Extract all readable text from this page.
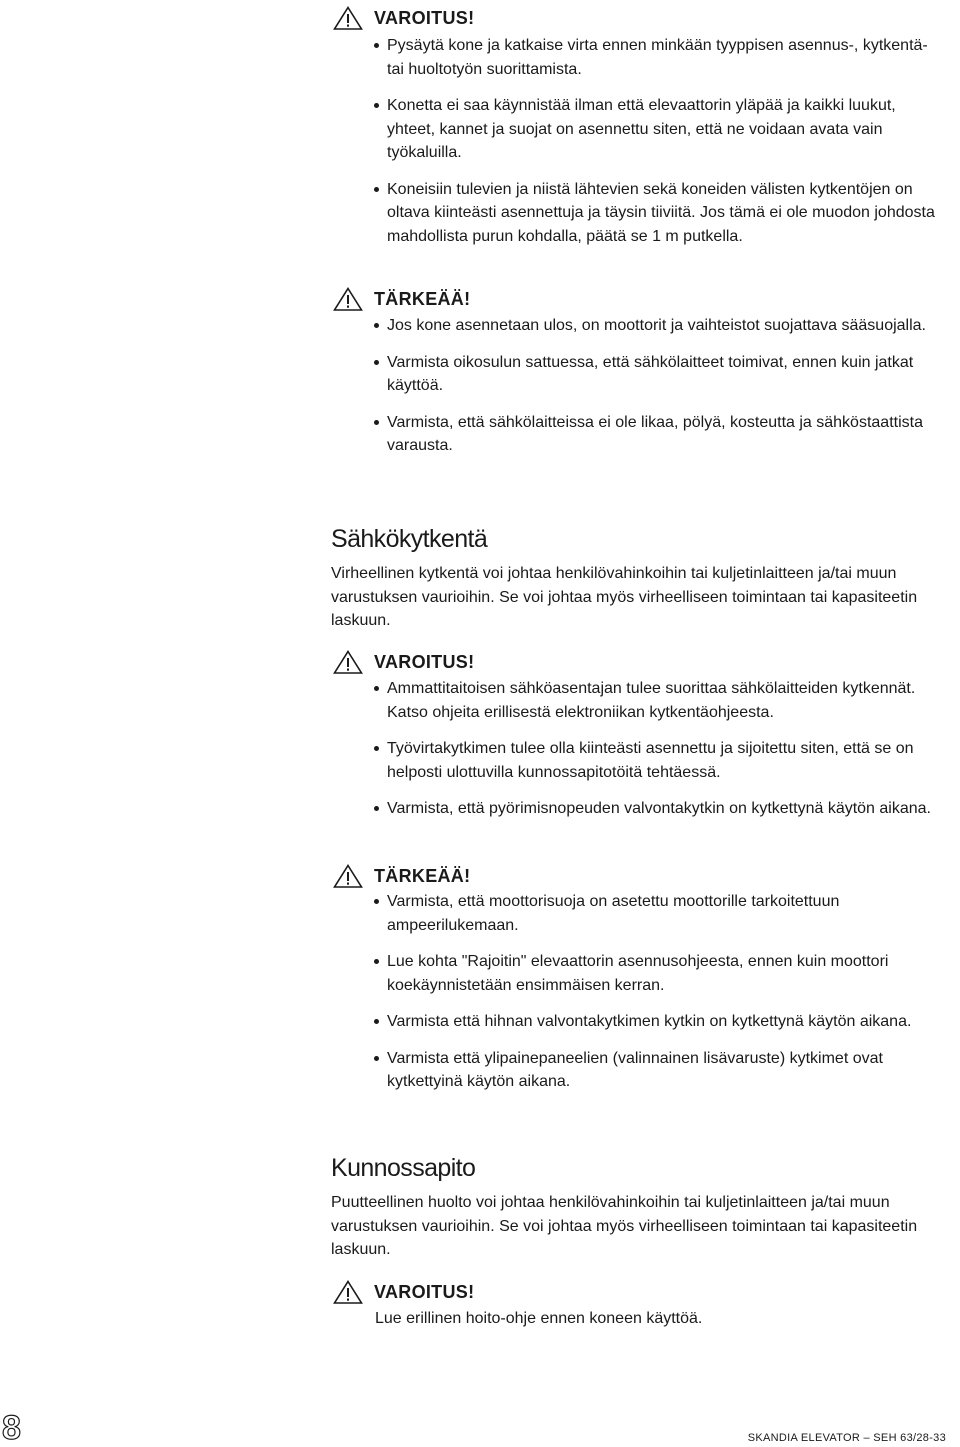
VAROITUS!
Pysäytä kone ja katkaise virta ennen minkään tyyppisen asennus-, kytkentä- tai huoltotyön suorittamista.
Konetta ei saa käynnistää ilman että elevaattorin yläpää ja kaikki luukut, yhteet, kannet ja suojat on asennettu siten, että ne voidaan avata vain työkaluilla.
Koneisiin tulevien ja niistä lähtevien sekä koneiden välisten kytkentöjen on oltava kiinteästi asennettuja ja täysin tiiviitä. Jos tämä ei ole muodon johdosta mahdollista purun kohdalla, päätä se 1 m putkella.
TÄRKEÄÄ!
Jos kone asennetaan ulos, on moottorit ja vaihteistot suojattava sääsuojalla.
Varmista oikosulun sattuessa, että sähkölaitteet toimivat, ennen kuin jatkat käyttöä.
Varmista, että sähkölaitteissa ei ole likaa, pölyä, kosteutta ja sähköstaattista varausta.
Sähkökytkentä

Virheellinen kytkentä voi johtaa henkilövahinkoihin tai kuljetinlaitteen ja/tai muun varustuksen vaurioihin. Se voi johtaa myös virheelliseen toimintaan tai kapasiteetin laskuun.

VAROITUS!
Ammattitaitoisen sähköasentajan tulee suorittaa sähkölaitteiden kytkennät. Katso ohjeita erillisestä elektroniikan kytkentäohjeesta.
Työvirtakytkimen tulee olla kiinteästi asennettu ja sijoitettu siten, että se on helposti ulottuvilla kunnossapitotöitä tehtäessä.
Varmista, että pyörimisnopeuden valvontakytkin on kytkettynä käytön aikana.
TÄRKEÄÄ!
Varmista, että moottorisuoja on asetettu moottorille tarkoitettuun ampeerilukemaan.
Lue kohta "Rajoitin" elevaattorin asennusohjeesta, ennen kuin moottori koekäynnistetään ensimmäisen kerran.
Varmista että hihnan valvontakytkimen kytkin on kytkettynä käytön aikana.
Varmista että ylipainepaneelien (valinnainen lisävaruste) kytkimet ovat kytkettyinä käytön aikana.
Kunnossapito

Puutteellinen huolto voi johtaa henkilövahinkoihin tai kuljetinlaitteen ja/tai muun varustuksen vaurioihin. Se voi johtaa myös virheelliseen toimintaan tai kapasiteetin laskuun.

VAROITUS!

Lue erillinen hoito-ohje ennen koneen käyttöä.

8	SKANDIA ELEVATOR – SEH 63/28-33
